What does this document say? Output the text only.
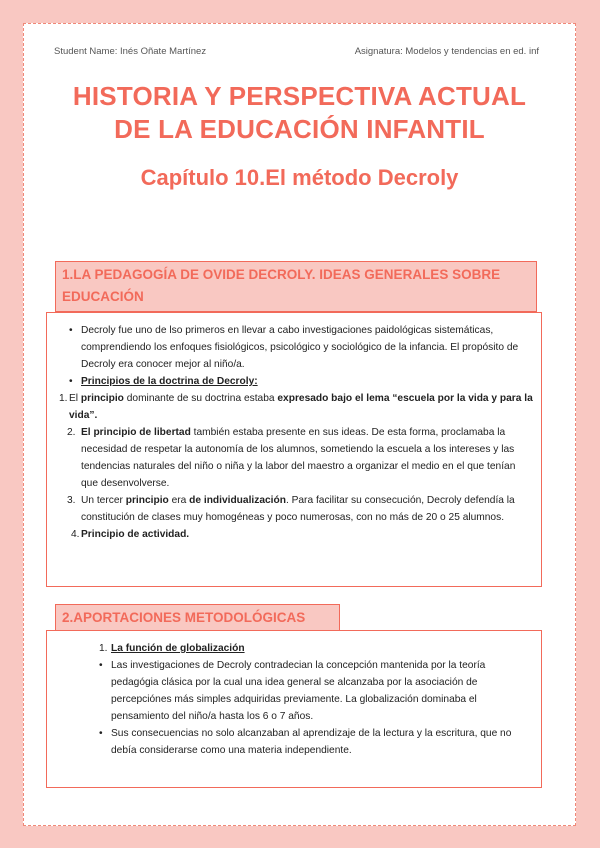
Student Name: Inés Oñate Martínez	Asignatura: Modelos y tendencias en ed. inf
HISTORIA Y PERSPECTIVA ACTUAL
DE LA EDUCACIÓN INFANTIL
Capítulo 10.El método Decroly
• Decroly fue uno de lso primeros en llevar a cabo investigaciones paidológicas sistemáticas, comprendiendo los enfoques fisiológicos, psicológico y sociológico de la infancia. El propósito de Decroly era conocer mejor al niño/a.
• Principios de la doctrina de Decroly:
1. El principio dominante de su doctrina estaba expresado bajo el lema “escuela por la vida y para la vida”.
2. El principio de libertad también estaba presente en sus ideas. De esta forma, proclamaba la necesidad de respetar la autonomía de los alumnos, sometiendo la escuela a los intereses y las tendencias naturales del niño o niña y la labor del maestro a organizar el medio en el que tenían que desenvolverse.
3. Un tercer principio era de individualización. Para facilitar su consecución, Decroly defendía la constitución de clases muy homogéneas y poco numerosas, con no más de 20 o 25 alumnos.
4. Principio de actividad.
1.LA PEDAGOGÍA DE OVIDE DECROLY. IDEAS GENERALES SOBRE
EDUCACIÓN
1. La función de globalización
• Las investigaciones de Decroly contradecian la concepción mantenida por la teoría pedagógia clásica por la cual una idea general se alcanzaba por la asociación de percepciónes más simples adquiridas previamente. La globalización dominaba el pensamiento del niño/a hasta los 6 o 7 años.
• Sus consecuencias no solo alcanzaban al aprendizaje de la lectura y la escritura, que no debía considerarse como una materia independiente.
2.APORTACIONES METODOLÓGICAS
